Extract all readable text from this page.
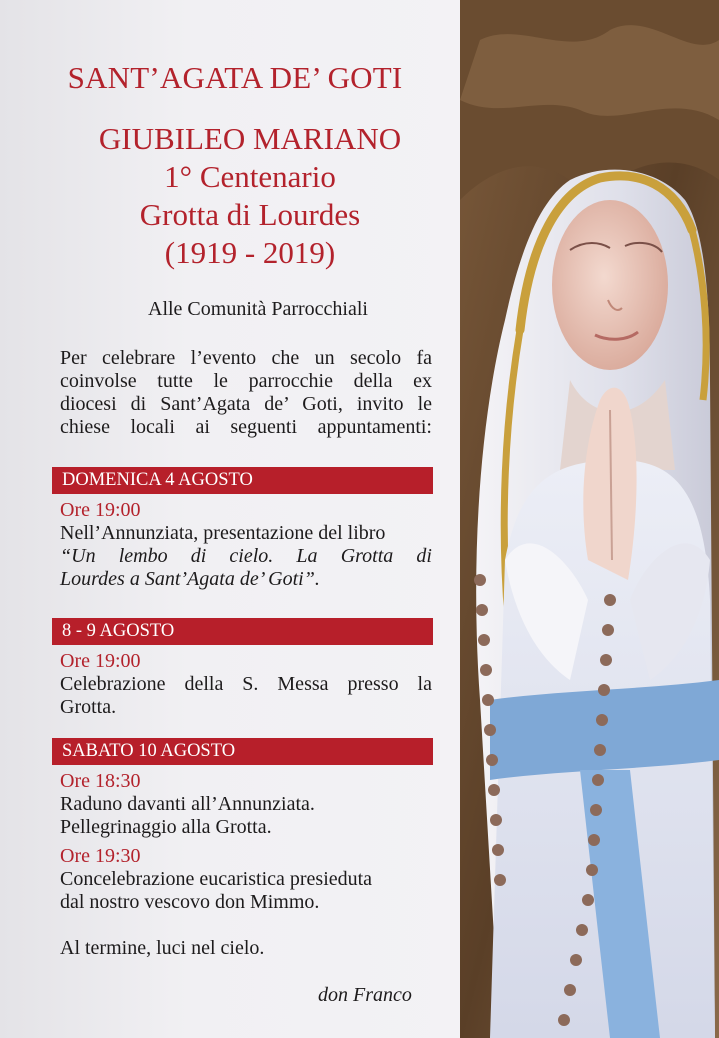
SANT’AGATA DE’ GOTI
GIUBILEO MARIANO
1° Centenario
Grotta di Lourdes
(1919 - 2019)
Alle Comunità Parrocchiali
Per celebrare l’evento che un secolo fa
coinvolse tutte le parrocchie della ex
diocesi di Sant’Agata de’ Goti, invito le
chiese locali ai seguenti appuntamenti:
DOMENICA 4 AGOSTO
Ore 19:00
Nell’Annunziata, presentazione del libro
“Un lembo di cielo. La Grotta di
Lourdes a Sant’Agata de’ Goti”.
8 - 9 AGOSTO
Ore 19:00
Celebrazione della S. Messa presso la
Grotta.
SABATO 10 AGOSTO
Ore 18:30
Raduno davanti all’Annunziata.
Pellegrinaggio alla Grotta.
Ore 19:30
Concelebrazione eucaristica presieduta
dal nostro vescovo don Mimmo.
Al termine, luci nel cielo.
don Franco
